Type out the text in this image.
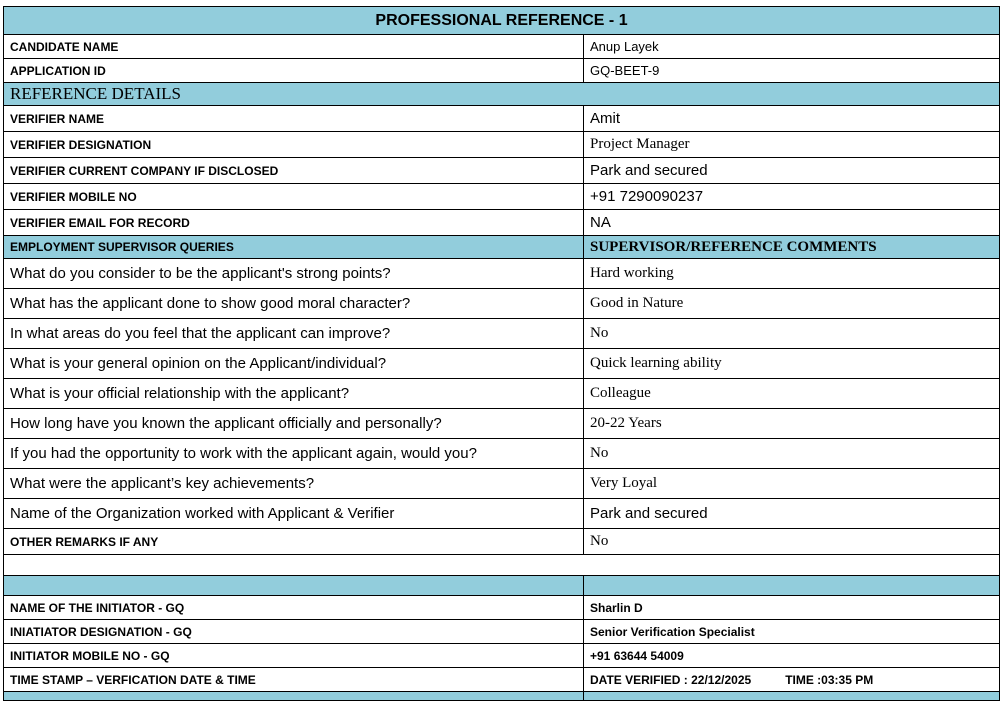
PROFESSIONAL REFERENCE - 1	
CANDIDATE NAME	Anup Layek
APPLICATION ID	GQ-BEET-9
REFERENCE DETAILS	
VERIFIER NAME	Amit
VERIFIER DESIGNATION	Project Manager
VERIFIER CURRENT COMPANY IF DISCLOSED	Park and secured
VERIFIER MOBILE NO	+91 7290090237
VERIFIER EMAIL FOR RECORD	NA
EMPLOYMENT SUPERVISOR QUERIES	SUPERVISOR/REFERENCE COMMENTS
What do you consider to be the applicant's strong points?	Hard working
What has the applicant done to show good moral character?	Good in Nature
In what areas do you feel that the applicant can improve?	No
What is your general opinion on the Applicant/individual?	Quick learning ability
What is your official relationship with the applicant?	Colleague
How long have you known the applicant officially and personally?	20-22 Years
If you had the opportunity to work with the applicant again, would you?	No
What were the applicant’s key achievements?	Very Loyal
Name of the Organization worked with Applicant & Verifier	Park and secured
OTHER REMARKS IF ANY	No

NAME OF THE INITIATOR - GQ	Sharlin D
INIATIATOR DESIGNATION - GQ	Senior Verification Specialist
INITIATOR MOBILE NO - GQ	+91 63644 54009
TIME STAMP – VERFICATION DATE & TIME	DATE VERIFIED : 22/12/2025 TIME :03:35 PM
